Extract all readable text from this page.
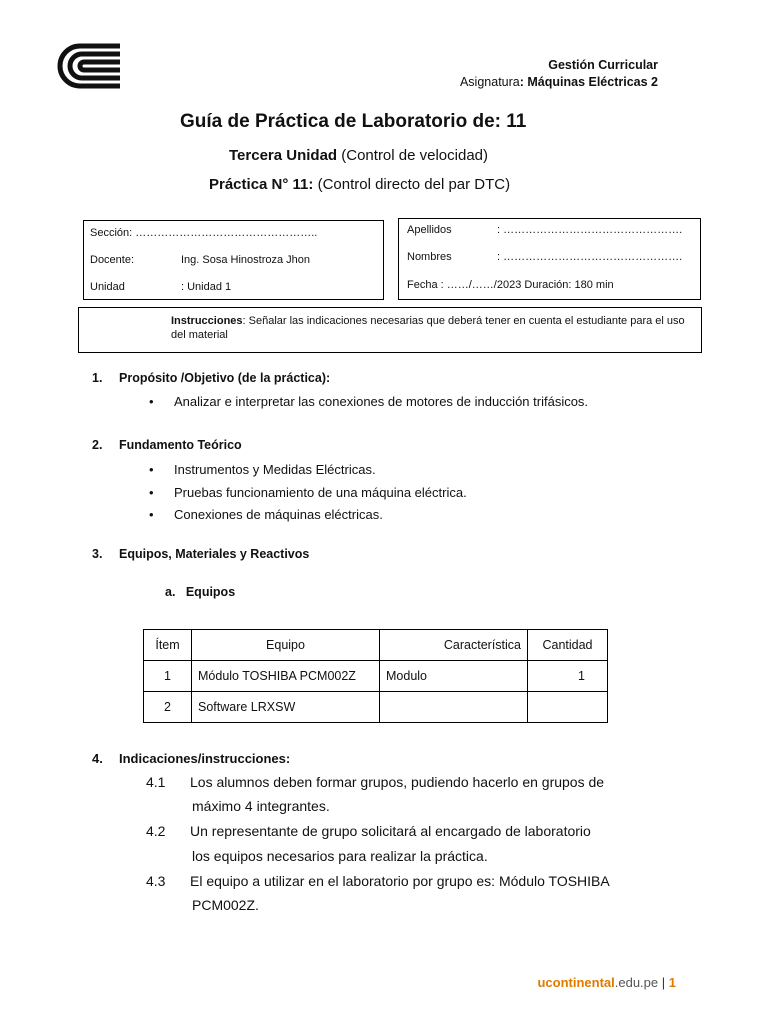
Gestión Curricular
Asignatura: Máquinas Eléctricas 2
Guía de Práctica de Laboratorio de: 11
Tercera Unidad (Control de velocidad)
Práctica N° 11: (Control directo del par DTC)
Sección: …………………………………………..
Docente:	Ing. Sosa Hinostroza Jhon
Unidad	: Unidad 1
Apellidos	: ………………………………………….
Nombres	: ………………………………………….
Fecha : ……/……/2023 Duración: 180 min
Instrucciones: Señalar las indicaciones necesarias que deberá tener en cuenta el estudiante para el uso del material
1. Propósito /Objetivo (de la práctica):
• Analizar e interpretar las conexiones de motores de inducción trifásicos.
2. Fundamento Teórico
• Instrumentos y Medidas Eléctricas.
• Pruebas funcionamiento de una máquina eléctrica.
• Conexiones de máquinas eléctricas.
3. Equipos, Materiales y Reactivos
a.   Equipos
Ítem	Equipo	Característica	Cantidad
1	Módulo TOSHIBA PCM002Z	Modulo	1
2	Software LRXSW		
4. Indicaciones/instrucciones:
4.1 Los alumnos deben formar grupos, pudiendo hacerlo en grupos de
máximo 4 integrantes.
4.2 Un representante de grupo solicitará al encargado de laboratorio
los equipos necesarios para realizar la práctica.
4.3 El equipo a utilizar en el laboratorio por grupo es: Módulo TOSHIBA
PCM002Z.
ucontinental.edu.pe | 1
